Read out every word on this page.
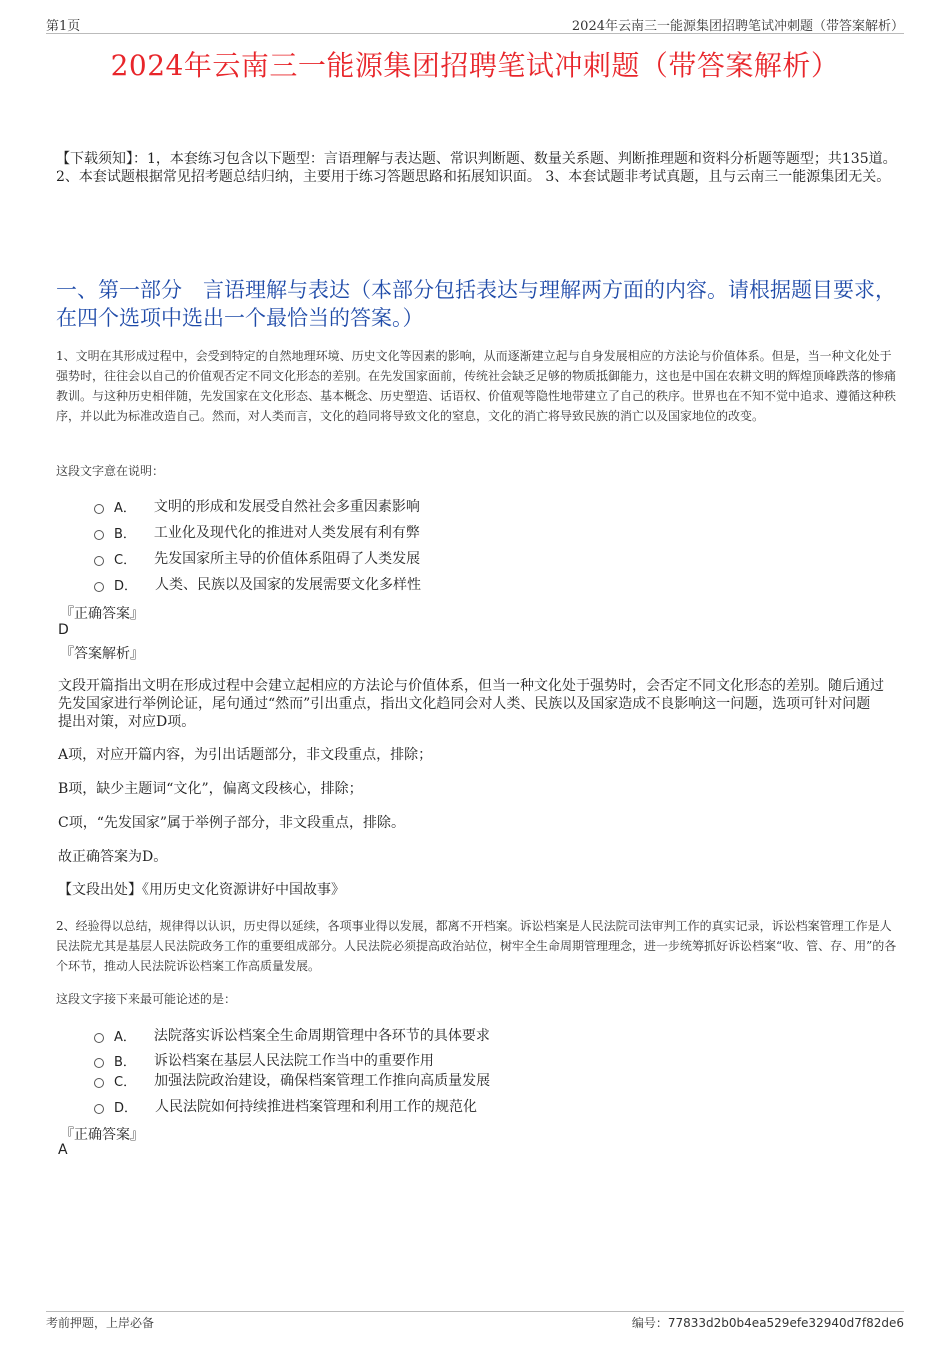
第1页	2024年云南三一能源集团招聘笔试冲刺题（带答案解析）
2024年云南三一能源集团招聘笔试冲刺题（带答案解析）
【下载须知】：1，本套练习包含以下题型：言语理解与表达题、常识判断题、数量关系题、判断推理题和资料分析题等题型；共135道。 2、本套试题根据常见招考题总结归纳，主要用于练习答题思路和拓展知识面。 3、本套试题非考试真题，且与云南三一能源集团无关。
一、第一部分　言语理解与表达（本部分包括表达与理解两方面的内容。请根据题目要求，在四个选项中选出一个最恰当的答案。）
1、文明在其形成过程中，会受到特定的自然地理环境、历史文化等因素的影响，从而逐渐建立起与自身发展相应的方法论与价值体系。但是，当一种文化处于强势时，往往会以自己的价值观否定不同文化形态的差别。在先发国家面前，传统社会缺乏足够的物质抵御能力，这也是中国在农耕文明的辉煌顶峰跌落的惨痛教训。与这种历史相伴随，先发国家在文化形态、基本概念、历史塑造、话语权、价值观等隐性地带建立了自己的秩序。世界也在不知不觉中追求、遵循这种秩序，并以此为标准改造自己。然而，对人类而言，文化的趋同将导致文化的窒息，文化的消亡将导致民族的消亡以及国家地位的改变。
这段文字意在说明：
A． 文明的形成和发展受自然社会多重因素影响
B． 工业化及现代化的推进对人类发展有利有弊
C． 先发国家所主导的价值体系阻碍了人类发展
D． 人类、民族以及国家的发展需要文化多样性
『正确答案』
D
『答案解析』
文段开篇指出文明在形成过程中会建立起相应的方法论与价值体系，但当一种文化处于强势时，会否定不同文化形态的差别。随后通过先发国家进行举例论证，尾句通过“然而”引出重点，指出文化趋同会对人类、民族以及国家造成不良影响这一问题，选项可针对问题提出对策，对应D项。
A项，对应开篇内容，为引出话题部分，非文段重点，排除；
B项，缺少主题词“文化”，偏离文段核心，排除；
C项，“先发国家”属于举例子部分，非文段重点，排除。
故正确答案为D。
【文段出处】《用历史文化资源讲好中国故事》
2、经验得以总结，规律得以认识，历史得以延续，各项事业得以发展，都离不开档案。诉讼档案是人民法院司法审判工作的真实记录，诉讼档案管理工作是人民法院尤其是基层人民法院政务工作的重要组成部分。人民法院必须提高政治站位，树牢全生命周期管理理念，进一步统筹抓好诉讼档案“收、管、存、用”的各个环节，推动人民法院诉讼档案工作高质量发展。
这段文字接下来最可能论述的是：
A． 法院落实诉讼档案全生命周期管理中各环节的具体要求
B． 诉讼档案在基层人民法院工作当中的重要作用
C． 加强法院政治建设，确保档案管理工作推向高质量发展
D． 人民法院如何持续推进档案管理和利用工作的规范化
『正确答案』
A
考前押题，上岸必备	编号：77833d2b0b4ea529efe32940d7f82de6
